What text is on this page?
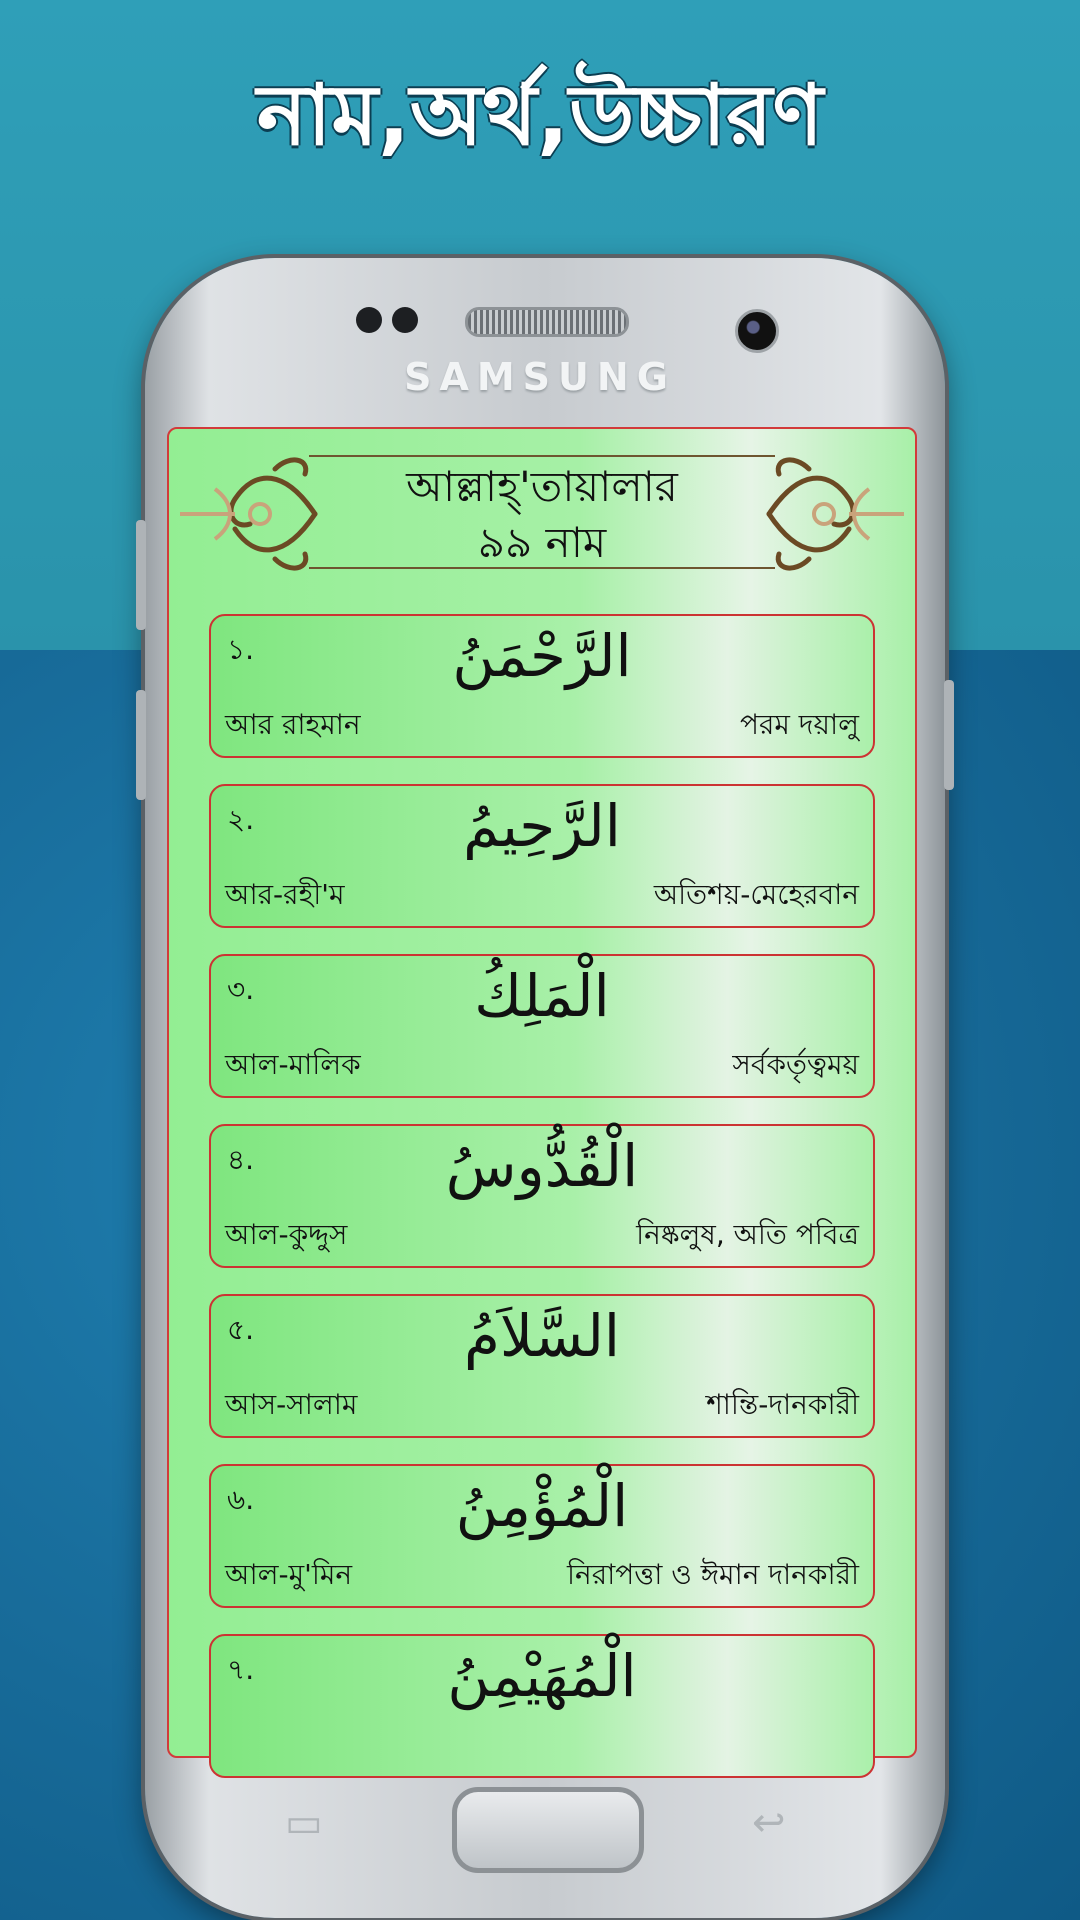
নাম,অর্থ,উচ্চারণ
SAMSUNG
আল্লাহ্'তায়ালার
৯৯ নাম
১.	الرَّحْمَنُ
আর রাহমান	পরম দয়ালু
২.	الرَّحِيمُ
আর-রহী'ম	অতিশয়-মেহেরবান
৩.	الْمَلِكُ
আল-মালিক	সর্বকর্তৃত্বময়
৪.	الْقُدُّوسُ
আল-কুদ্দুস	নিষ্কলুষ, অতি পবিত্র
৫.	السَّلاَمُ
আস-সালাম	শান্তি-দানকারী
৬.	الْمُؤْمِنُ
আল-মু'মিন	নিরাপত্তা ও ঈমান দানকারী
৭.	الْمُهَيْمِنُ
▭	↩
